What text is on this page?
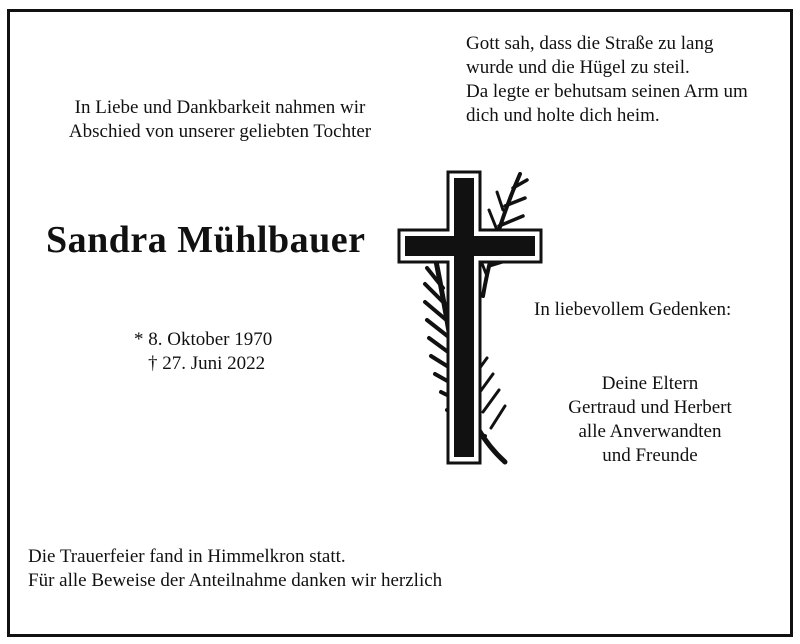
In Liebe und Dankbarkeit nahmen wir
Abschied von unserer geliebten Tochter
Gott sah, dass die Straße zu lang
wurde und die Hügel zu steil.
Da legte er behutsam seinen Arm um
dich und holte dich heim.
Sandra Mühlbauer
* 8. Oktober 1970
† 27. Juni 2022
In liebevollem Gedenken:
Deine Eltern
Gertraud und Herbert
alle Anverwandten
und Freunde
Die Trauerfeier fand in Himmelkron statt.
Für alle Beweise der Anteilnahme danken wir herzlich
